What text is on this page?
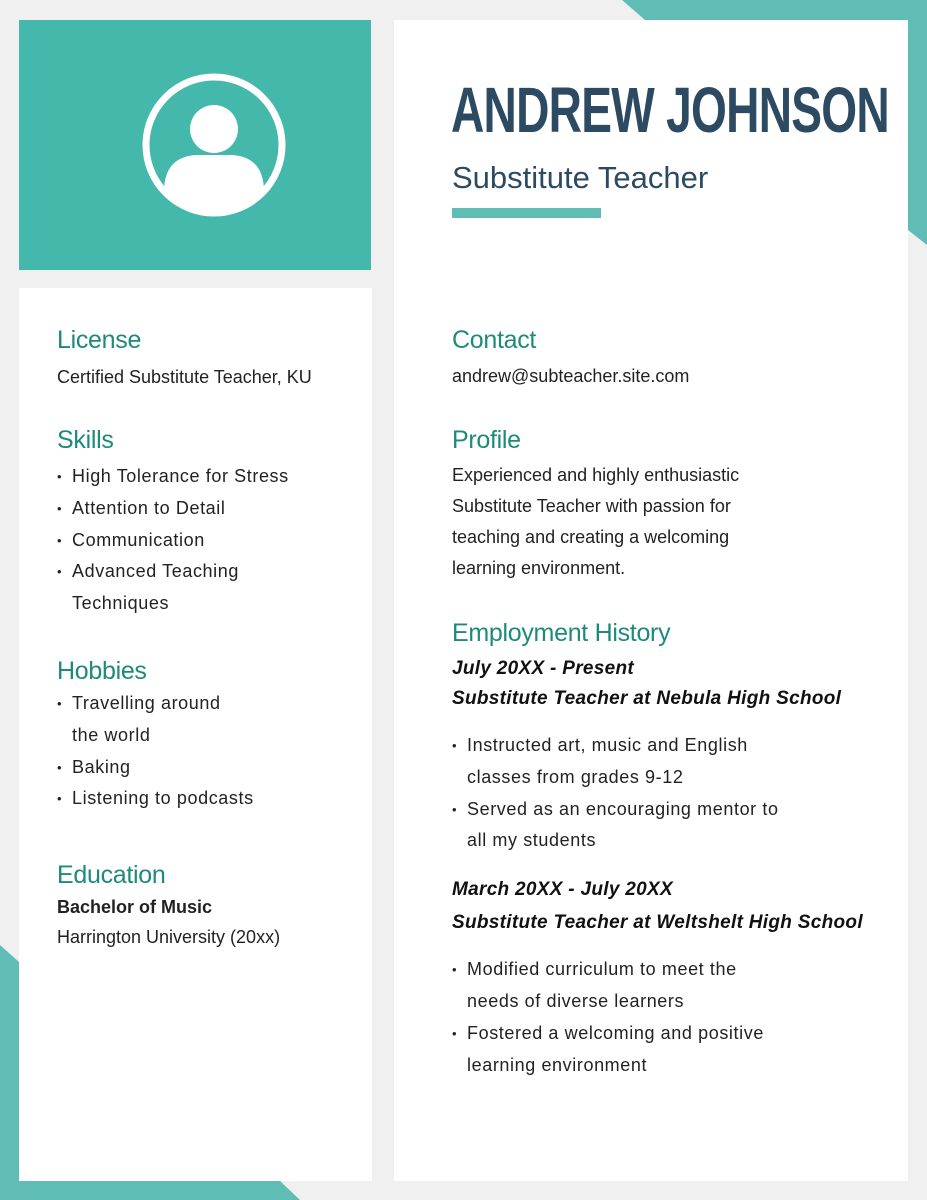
License
Certified Substitute Teacher, KU
Skills
• High Tolerance for Stress
• Attention to Detail
• Communication
• Advanced Teaching Techniques
Hobbies
• Travelling around the world
• Baking
• Listening to podcasts
Education
Bachelor of Music
Harrington University (20xx)
ANDREW JOHNSON
Substitute Teacher
Contact
andrew@subteacher.site.com
Profile
Experienced and highly enthusiastic Substitute Teacher with passion for teaching and creating a welcoming learning environment.
Employment History
July 20XX - Present
Substitute Teacher at Nebula High School
• Instructed art, music and English classes from grades 9-12
• Served as an encouraging mentor to all my students
March 20XX - July 20XX
Substitute Teacher at Weltshelt High School
• Modified curriculum to meet the needs of diverse learners
• Fostered a welcoming and positive learning environment
